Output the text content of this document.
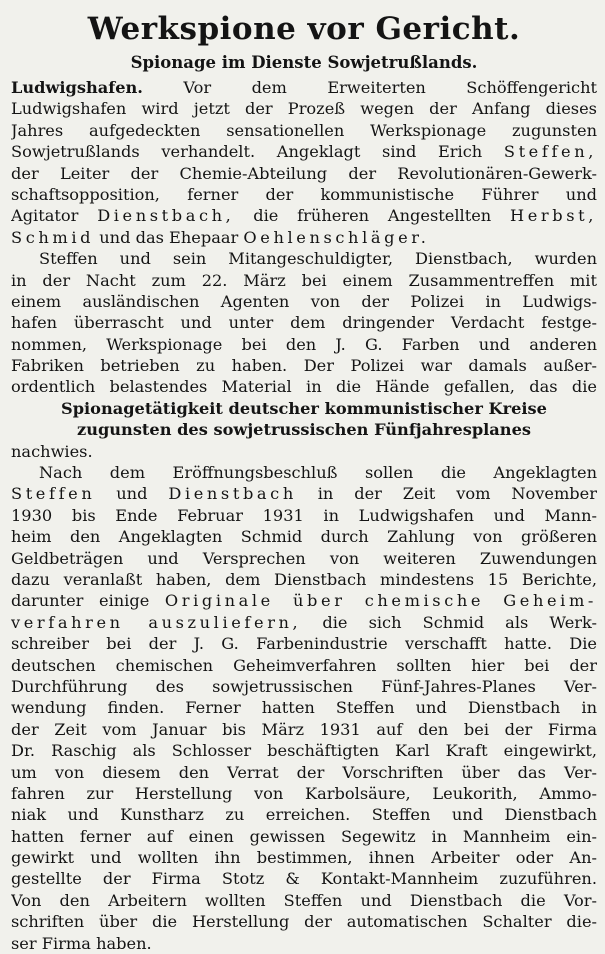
Werkspione vor Gericht.
Spionage im Dienste Sowjetrußlands.
Ludwigshafen. Vor dem Erweiterten Schöffengericht
Ludwigshafen wird jetzt der Prozeß wegen der Anfang dieses
Jahres aufgedeckten sensationellen Werkspionage zugunsten
Sowjetrußlands verhandelt. Angeklagt sind Erich Steffen,
der Leiter der Chemie-Abteilung der Revolutionären-Gewerk-
schaftsopposition, ferner der kommunistische Führer und
Agitator Dienstbach, die früheren Angestellten Herbst,
Schmid und das Ehepaar Oehlenschläger.
Steffen und sein Mitangeschuldigter, Dienstbach, wurden
in der Nacht zum 22. März bei einem Zusammentreffen mit
einem ausländischen Agenten von der Polizei in Ludwigs-
hafen überrascht und unter dem dringender Verdacht festge-
nommen, Werkspionage bei den J. G. Farben und anderen
Fabriken betrieben zu haben. Der Polizei war damals außer-
ordentlich belastendes Material in die Hände gefallen, das die
Spionagetätigkeit deutscher kommunistischer Kreise
zugunsten des sowjetrussischen Fünfjahresplanes
nachwies.
Nach dem Eröffnungsbeschluß sollen die Angeklagten
Steffen und Dienstbach in der Zeit vom November
1930 bis Ende Februar 1931 in Ludwigshafen und Mann-
heim den Angeklagten Schmid durch Zahlung von größeren
Geldbeträgen und Versprechen von weiteren Zuwendungen
dazu veranlaßt haben, dem Dienstbach mindestens 15 Berichte,
darunter einige Originale über chemische Geheim-
verfahren auszuliefern, die sich Schmid als Werk-
schreiber bei der J. G. Farbenindustrie verschafft hatte. Die
deutschen chemischen Geheimverfahren sollten hier bei der
Durchführung des sowjetrussischen Fünf-Jahres-Planes Ver-
wendung finden. Ferner hatten Steffen und Dienstbach in
der Zeit vom Januar bis März 1931 auf den bei der Firma
Dr. Raschig als Schlosser beschäftigten Karl Kraft eingewirkt,
um von diesem den Verrat der Vorschriften über das Ver-
fahren zur Herstellung von Karbolsäure, Leukorith, Ammo-
niak und Kunstharz zu erreichen. Steffen und Dienstbach
hatten ferner auf einen gewissen Segewitz in Mannheim ein-
gewirkt und wollten ihn bestimmen, ihnen Arbeiter oder An-
gestellte der Firma Stotz & Kontakt-Mannheim zuzuführen.
Von den Arbeitern wollten Steffen und Dienstbach die Vor-
schriften über die Herstellung der automatischen Schalter die-
ser Firma haben.
